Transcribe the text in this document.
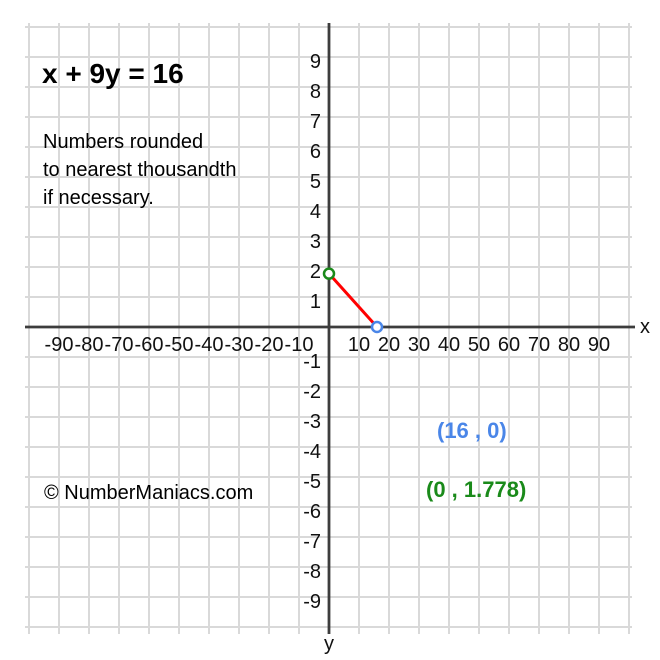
-90 -80 -70 -60 -50 -40 -30 -20 -10 10 20 30 40 50 60 70 80 90
9
8
7
6
5
4
3
2
1
-1
-2
-3
-4
-5
-6
-7
-8
-9
x
y
x + 9y = 16
Numbers rounded
to nearest thousandth
if necessary.
© NumberManiacs.com
(16 , 0)
(0 , 1.778)
